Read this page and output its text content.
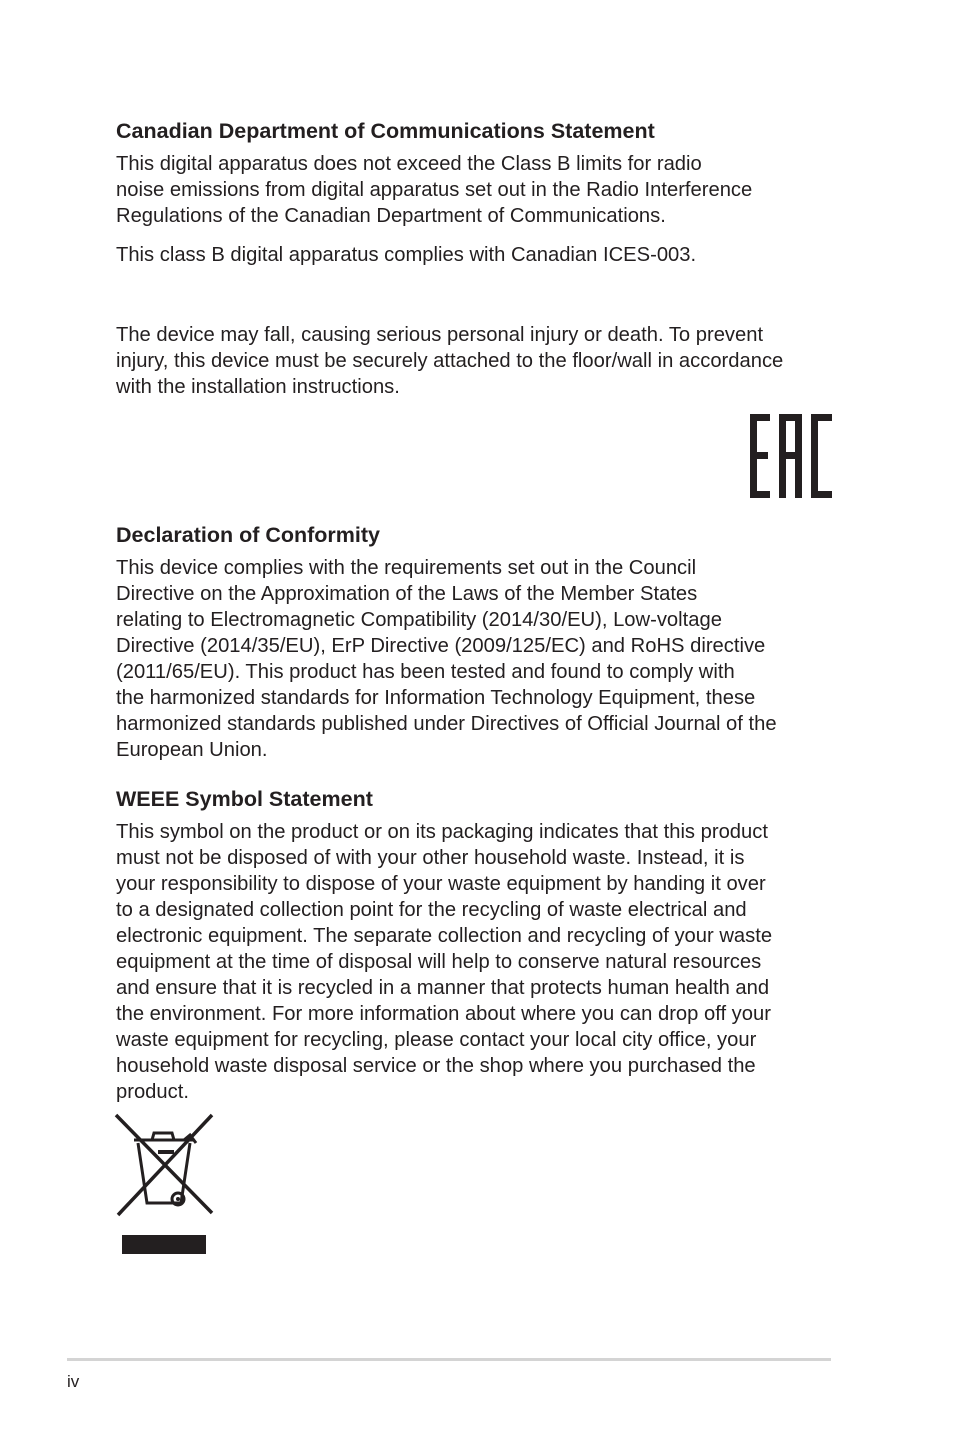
Canadian Department of Communications Statement

This digital apparatus does not exceed the Class B limits for radio
noise emissions from digital apparatus set out in the Radio Interference
Regulations of the Canadian Department of Communications.

This class B digital apparatus complies with Canadian ICES-003.

The device may fall, causing serious personal injury or death. To prevent
injury, this device must be securely attached to the floor/wall in accordance
with the installation instructions.

Declaration of Conformity

This device complies with the requirements set out in the Council
Directive on the Approximation of the Laws of the Member States
relating to Electromagnetic Compatibility (2014/30/EU), Low-voltage
Directive (2014/35/EU), ErP Directive (2009/125/EC) and RoHS directive
(2011/65/EU). This product has been tested and found to comply with
the harmonized standards for Information Technology Equipment, these
harmonized standards published under Directives of Official Journal of the
European Union.

WEEE Symbol Statement

This symbol on the product or on its packaging indicates that this product
must not be disposed of with your other household waste. Instead, it is
your responsibility to dispose of your waste equipment by handing it over
to a designated collection point for the recycling of waste electrical and
electronic equipment. The separate collection and recycling of your waste
equipment at the time of disposal will help to conserve natural resources
and ensure that it is recycled in a manner that protects human health and
the environment. For more information about where you can drop off your
waste equipment for recycling, please contact your local city office, your
household waste disposal service or the shop where you purchased the
product.

iv
